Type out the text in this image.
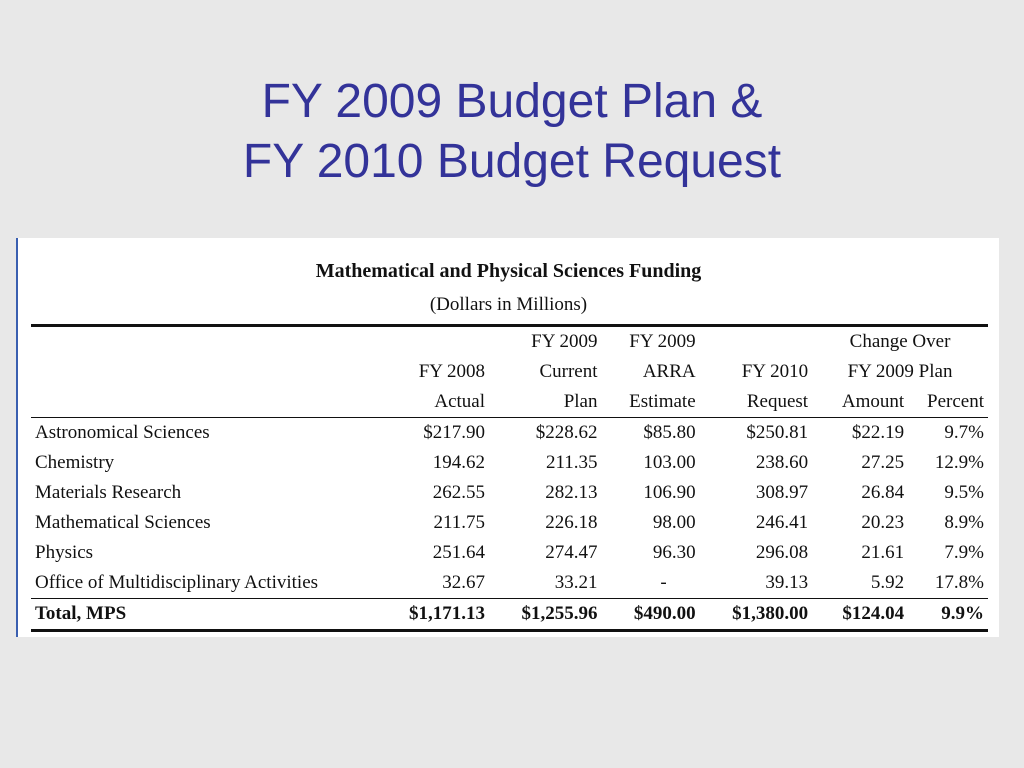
FY 2009 Budget Plan &
FY 2010 Budget Request
Mathematical and Physical Sciences Funding
(Dollars in Millions)
		FY 2009	FY 2009		Change Over	
	FY 2008	Current	ARRA	FY 2010	FY 2009 Plan	
	Actual	Plan	Estimate	Request	Amount	Percent
Astronomical Sciences	$217.90	$228.62	$85.80	$250.81	$22.19	9.7%
Chemistry	194.62	211.35	103.00	238.60	27.25	12.9%
Materials Research	262.55	282.13	106.90	308.97	26.84	9.5%
Mathematical Sciences	211.75	226.18	98.00	246.41	20.23	8.9%
Physics	251.64	274.47	96.30	296.08	21.61	7.9%
Office of Multidisciplinary Activities	32.67	33.21	-	39.13	5.92	17.8%
Total, MPS	$1,171.13	$1,255.96	$490.00	$1,380.00	$124.04	9.9%
